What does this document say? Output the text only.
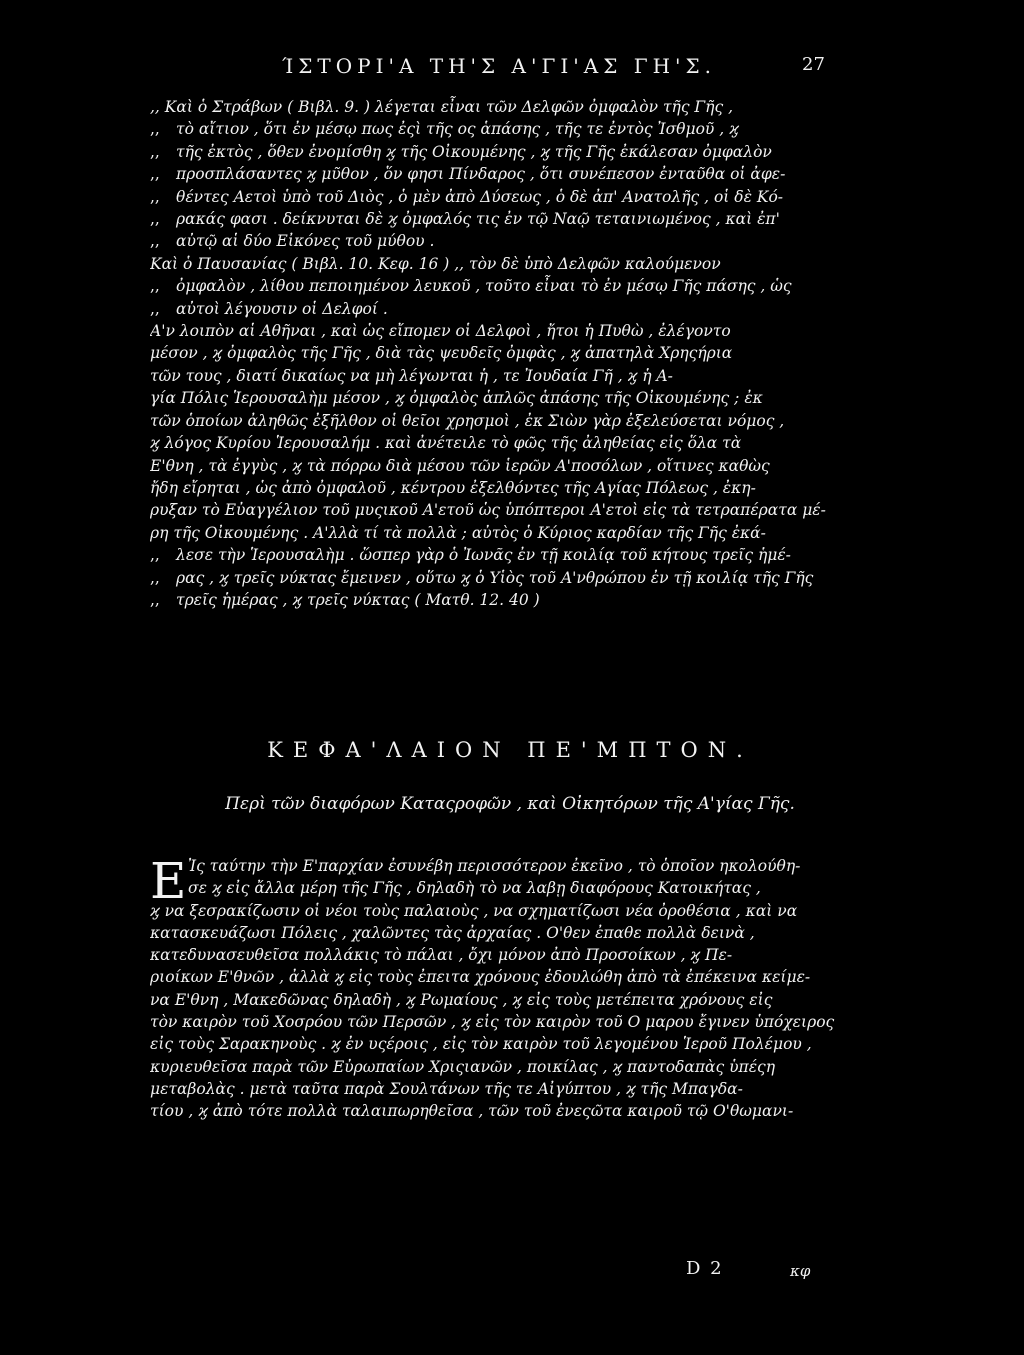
ΊΣΤΟΡΙ'Α ΤΗ'Σ Α'ΓΙ'ΑΣ ΓΗ'Σ.	27
,, Καὶ ὁ Στράβων ( Βιβλ. 9. ) λέγεται εἶναι τῶν Δελφῶν ὀμφαλὸν τῆς Γῆς ,
,, τὸ αἴτιον , ὅτι ἐν μέσῳ πως ἐςὶ τῆς ος ἁπάσης , τῆς τε ἐντὸς Ἰσθμοῦ , ϗ
,, τῆς ἐκτὸς , ὅθεν ἐνομίσθη ϗ τῆς Οἰκουμένης , ϗ τῆς Γῆς ἐκάλεσαν ὀμφαλὸν
,, προσπλάσαντες ϗ μῦθον , ὅν φησι Πίνδαρος , ὅτι συνέπεσον ἐνταῦθα οἱ ἀφε-
,, θέντες Αετοὶ ὑπὸ τοῦ Διὸς , ὁ μὲν ἀπὸ Δύσεως , ὁ δὲ ἀπ' Ανατολῆς , οἱ δὲ Κό-
,, ρακάς φασι . δείκνυται δὲ ϗ ὀμφαλός τις ἐν τῷ Ναῷ τεταινιωμένος , καὶ ἐπ'
,, αὐτῷ αἱ δύο Εἰκόνες τοῦ μύθου .
Καὶ ὁ Παυσανίας ( Βιβλ. 10. Κεφ. 16 ) ,, τὸν δὲ ὑπὸ Δελφῶν καλούμενον
,, ὀμφαλὸν , λίθου πεποιημένον λευκοῦ , τοῦτο εἶναι τὸ ἐν μέσῳ Γῆς πάσης , ὡς
,, αὐτοὶ λέγουσιν οἱ Δελφοί .
Α'ν λοιπὸν αἱ Αθῆναι , καὶ ὡς εἴπομεν οἱ Δελφοὶ , ἤτοι ἡ Πυθὼ , ἐλέγοντο
μέσον , ϗ ὀμφαλὸς τῆς Γῆς , διὰ τὰς ψευδεῖς ὀμφὰς , ϗ ἀπατηλὰ Χρηςήρια
τῶν τους , διατί δικαίως να μὴ λέγωνται ἡ , τε Ἰουδαία Γῆ , ϗ ἡ Α-
γία Πόλις Ἱερουσαλὴμ μέσον , ϗ ὀμφαλὸς ἁπλῶς ἁπάσης τῆς Οἰκουμένης ; ἐκ
τῶν ὁποίων ἀληθῶς ἐξῆλθον οἱ θεῖοι χρησμοὶ , ἐκ Σιὼν γὰρ ἐξελεύσεται νόμος ,
ϗ λόγος Κυρίου Ἱερουσαλήμ . καὶ ἀνέτειλε τὸ φῶς τῆς ἀληθείας εἰς ὅλα τὰ
Ε'θνη , τὰ ἐγγὺς , ϗ τὰ πόρρω διὰ μέσου τῶν ἱερῶν Α'ποσόλων , οἵτινες καθὼς
ἤδη εἴρηται , ὡς ἀπὸ ὀμφαλοῦ , κέντρου ἐξελθόντες τῆς Αγίας Πόλεως , ἐκη-
ρυξαν τὸ Εὐαγγέλιον τοῦ μυςικοῦ Α'ετοῦ ὡς ὑπόπτεροι Α'ετοὶ εἰς τὰ τετραπέρατα μέ-
ρη τῆς Οἰκουμένης . Α'λλὰ τί τὰ πολλὰ ; αὐτὸς ὁ Κύριος καρδίαν τῆς Γῆς ἐκά-
,, λεσε τὴν Ἱερουσαλὴμ . ὥσπερ γὰρ ὁ Ἰωνᾶς ἐν τῇ κοιλίᾳ τοῦ κήτους τρεῖς ἡμέ-
,, ρας , ϗ τρεῖς νύκτας ἔμεινεν , οὕτω ϗ ὁ Υἱὸς τοῦ Α'νθρώπου ἐν τῇ κοιλίᾳ τῆς Γῆς
,, τρεῖς ἡμέρας , ϗ τρεῖς νύκτας ( Ματθ. 12. 40 )
ΚΕΦΑ'ΛΑΙΟΝ ΠΕ'ΜΠΤΟΝ.
Περὶ τῶν διαφόρων Καταςροφῶν , καὶ Οἰκητόρων τῆς Α'γίας Γῆς.
Ε Ἰς ταύτην τὴν Ε'παρχίαν ἐσυνέβη περισσότερον ἐκεῖνο , τὸ ὁποῖον ηκολούθη-
σε ϗ εἰς ἄλλα μέρη τῆς Γῆς , δηλαδὴ τὸ να λαβῃ διαφόρους Κατοικήτας ,
ϗ να ξεσρακίζωσιν οἱ νέοι τοὺς παλαιοὺς , να σχηματίζωσι νέα ὀροθέσια , καὶ να
κατασκευάζωσι Πόλεις , χαλῶντες τὰς ἀρχαίας . Ο'θεν ἐπαθε πολλὰ δεινὰ ,
κατεδυνασευθεῖσα πολλάκις τὸ πάλαι , ὄχι μόνον ἀπὸ Προσοίκων , ϗ Πε-
ριοίκων Ε'θνῶν , ἀλλὰ ϗ εἰς τοὺς ἐπειτα χρόνους ἐδουλώθη ἀπὸ τὰ ἐπέκεινα κείμε-
να Ε'θνη , Μακεδῶνας δηλαδὴ , ϗ Ρωμαίους , ϗ εἰς τοὺς μετέπειτα χρόνους εἰς
τὸν καιρὸν τοῦ Χοσρόου τῶν Περσῶν , ϗ εἰς τὸν καιρὸν τοῦ Ο μαρου ἔγινεν ὑπόχειρος
εἰς τοὺς Σαρακηνοὺς . ϗ ἐν υςέροις , εἰς τὸν καιρὸν τοῦ λεγομένου Ἱεροῦ Πολέμου ,
κυριευθεῖσα παρὰ τῶν Εὐρωπαίων Χριςιανῶν , ποικίλας , ϗ παντοδαπὰς ὑπέςη
μεταβολὰς . μετὰ ταῦτα παρὰ Σουλτάνων τῆς τε Αἰγύπτου , ϗ τῆς Μπαγδα-
τίου , ϗ ἀπὸ τότε πολλὰ ταλαιπωρηθεῖσα , τῶν τοῦ ἐνεςῶτα καιροῦ τῷ Ο'θωμανι-
D 2	κφ
